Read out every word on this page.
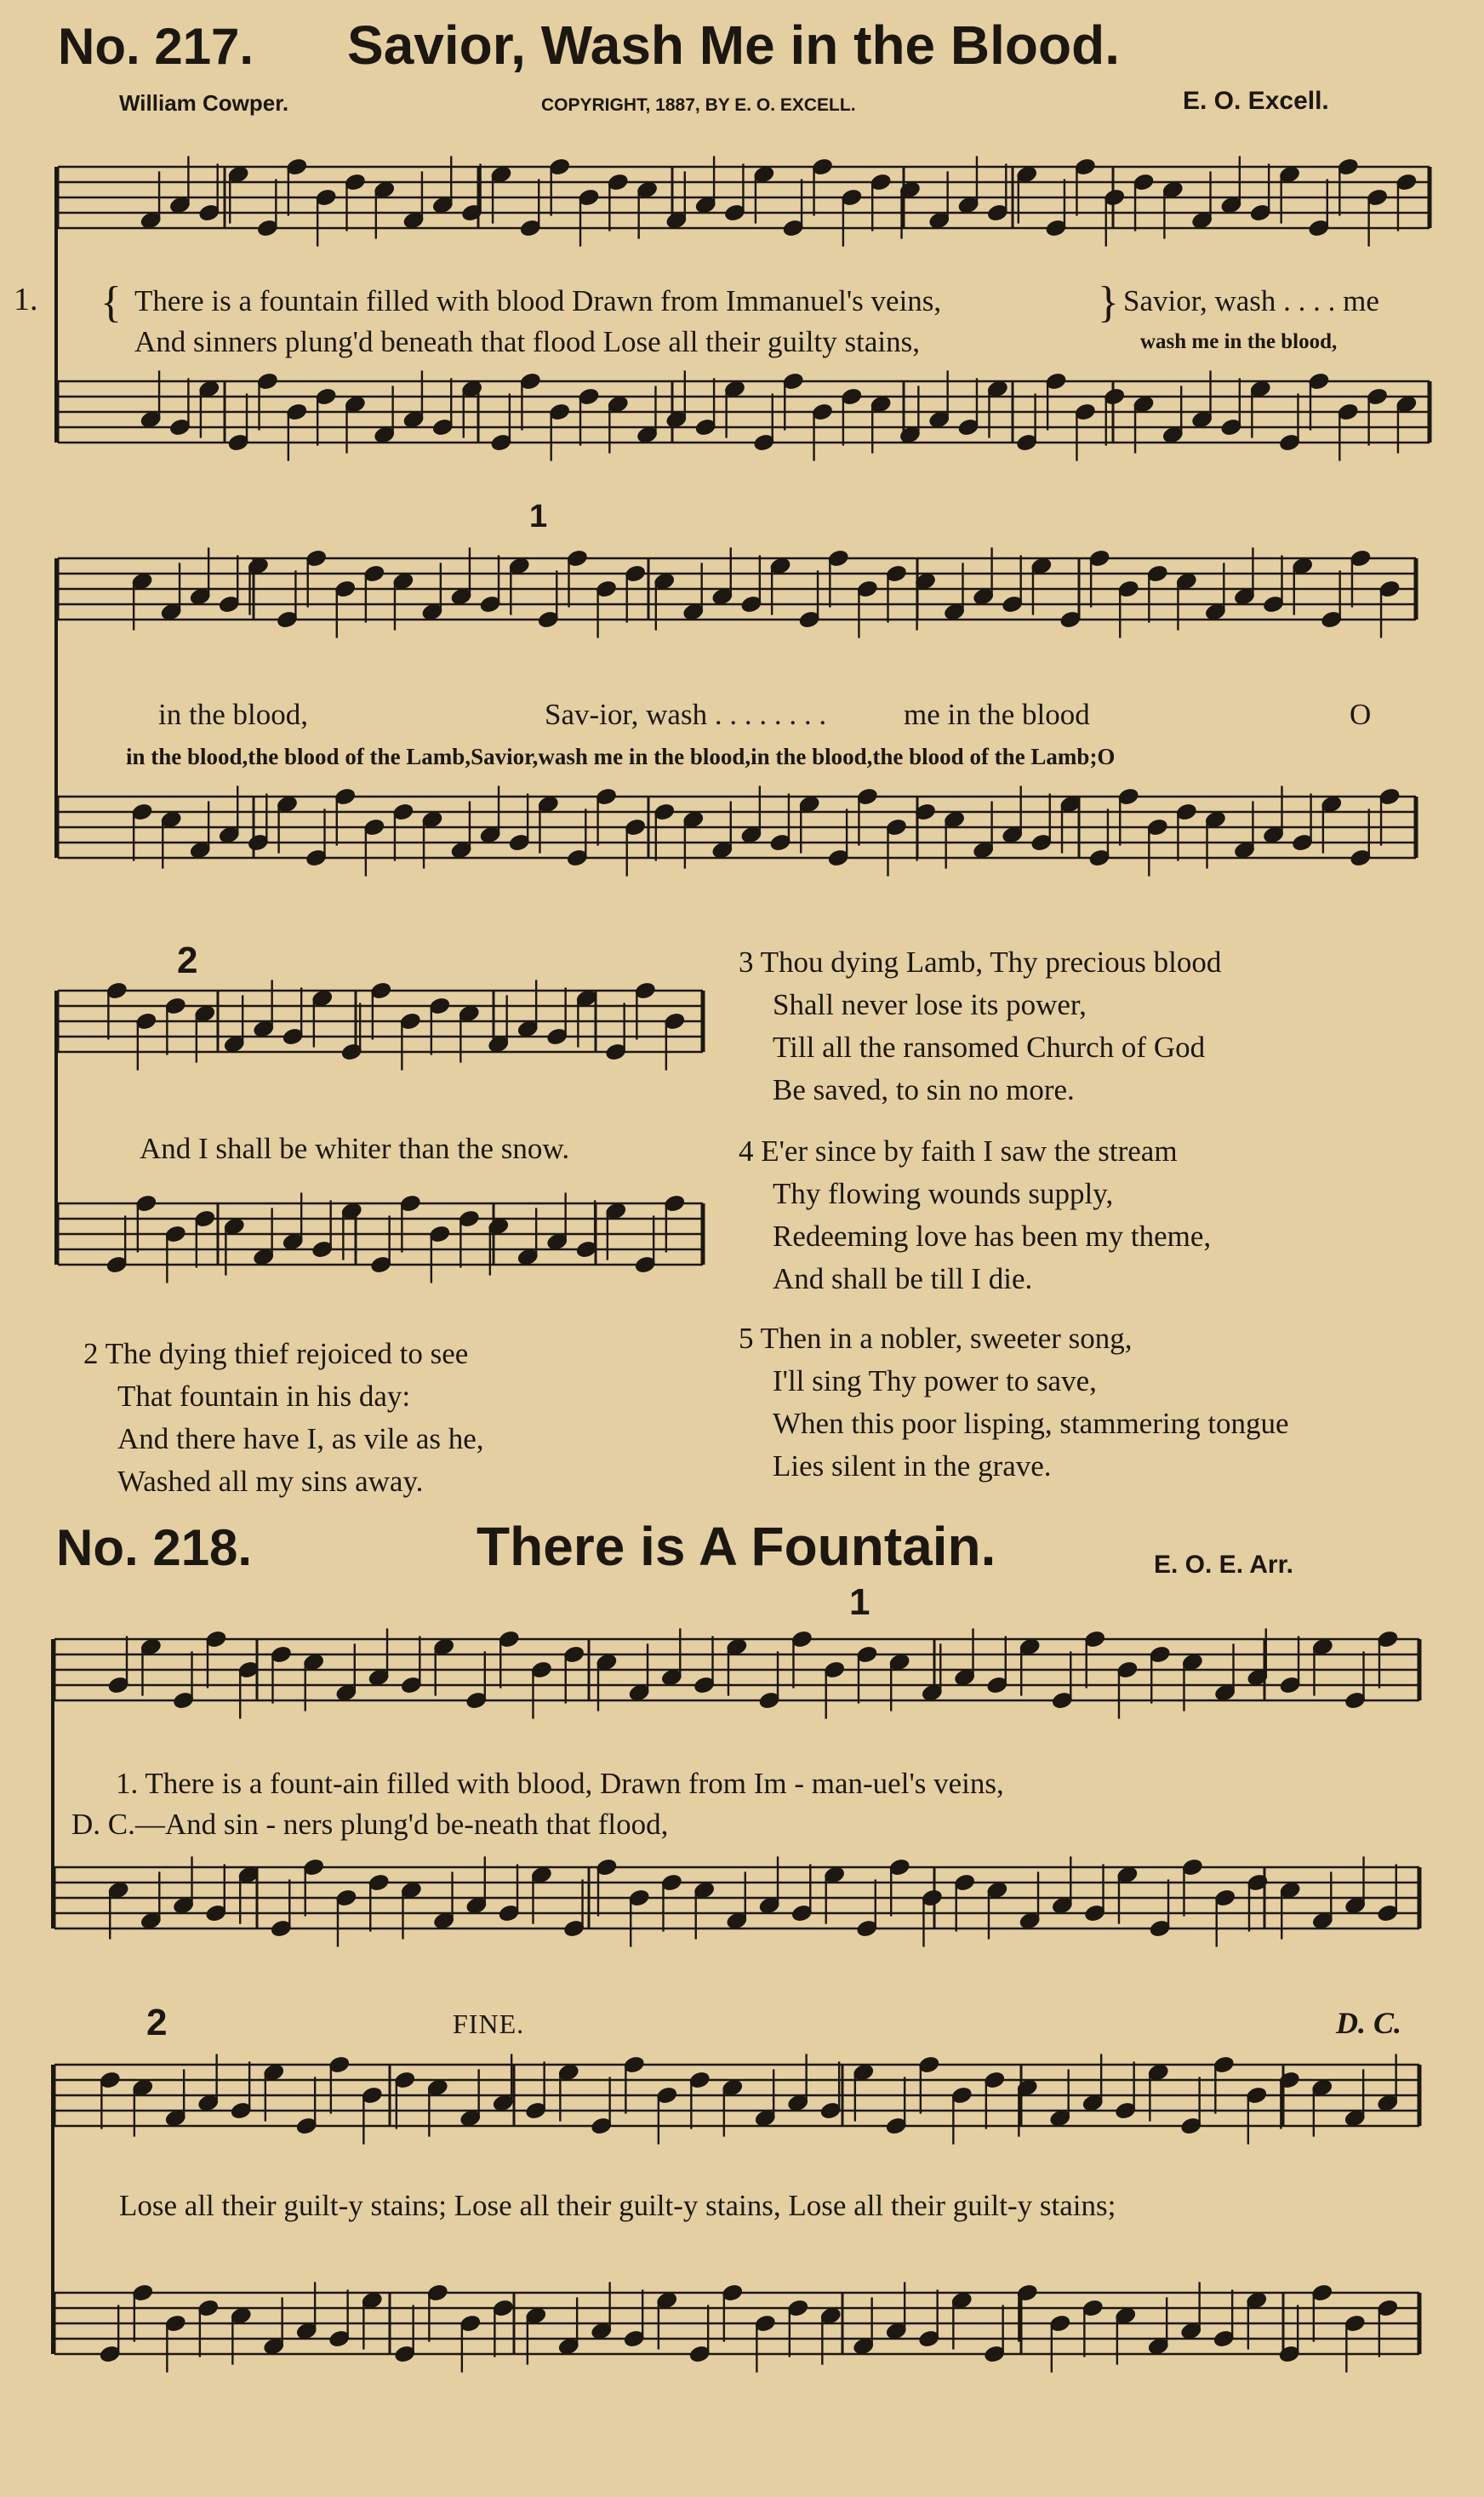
No. 217. Savior, Wash Me in the Blood.
William Cowper.	COPYRIGHT, 1887, BY E. O. EXCELL.	E. O. Excell.
1. { There is a fountain filled with blood Drawn from Immanuel's veins,
And sinners plung'd beneath that flood Lose all their guilty stains,
} Savior, wash . . . . me
wash me in the blood,
1
in the blood,	Sav-ior, wash . . . . . . . .	me in the blood	O
in the blood,the blood of the Lamb,Savior,wash me in the blood,in the blood,the blood of the Lamb;O
2
And I shall be whiter than the snow.
2 The dying thief rejoiced to see
That fountain in his day:
And there have I, as vile as he,
Washed all my sins away.
3 Thou dying Lamb, Thy precious blood
Shall never lose its power,
Till all the ransomed Church of God
Be saved, to sin no more.
4 E'er since by faith I saw the stream
Thy flowing wounds supply,
Redeeming love has been my theme,
And shall be till I die.
5 Then in a nobler, sweeter song,
I'll sing Thy power to save,
When this poor lisping, stammering tongue
Lies silent in the grave.
No. 218.	There is A Fountain.	E. O. E. Arr.
1
1. There is a fount-ain filled with blood, Drawn from Im - man-uel's veins,
D. C.—And sin - ners plung'd be-neath that flood,
2	FINE.	D. C.
Lose all their guilt-y stains; Lose all their guilt-y stains, Lose all their guilt-y stains;
